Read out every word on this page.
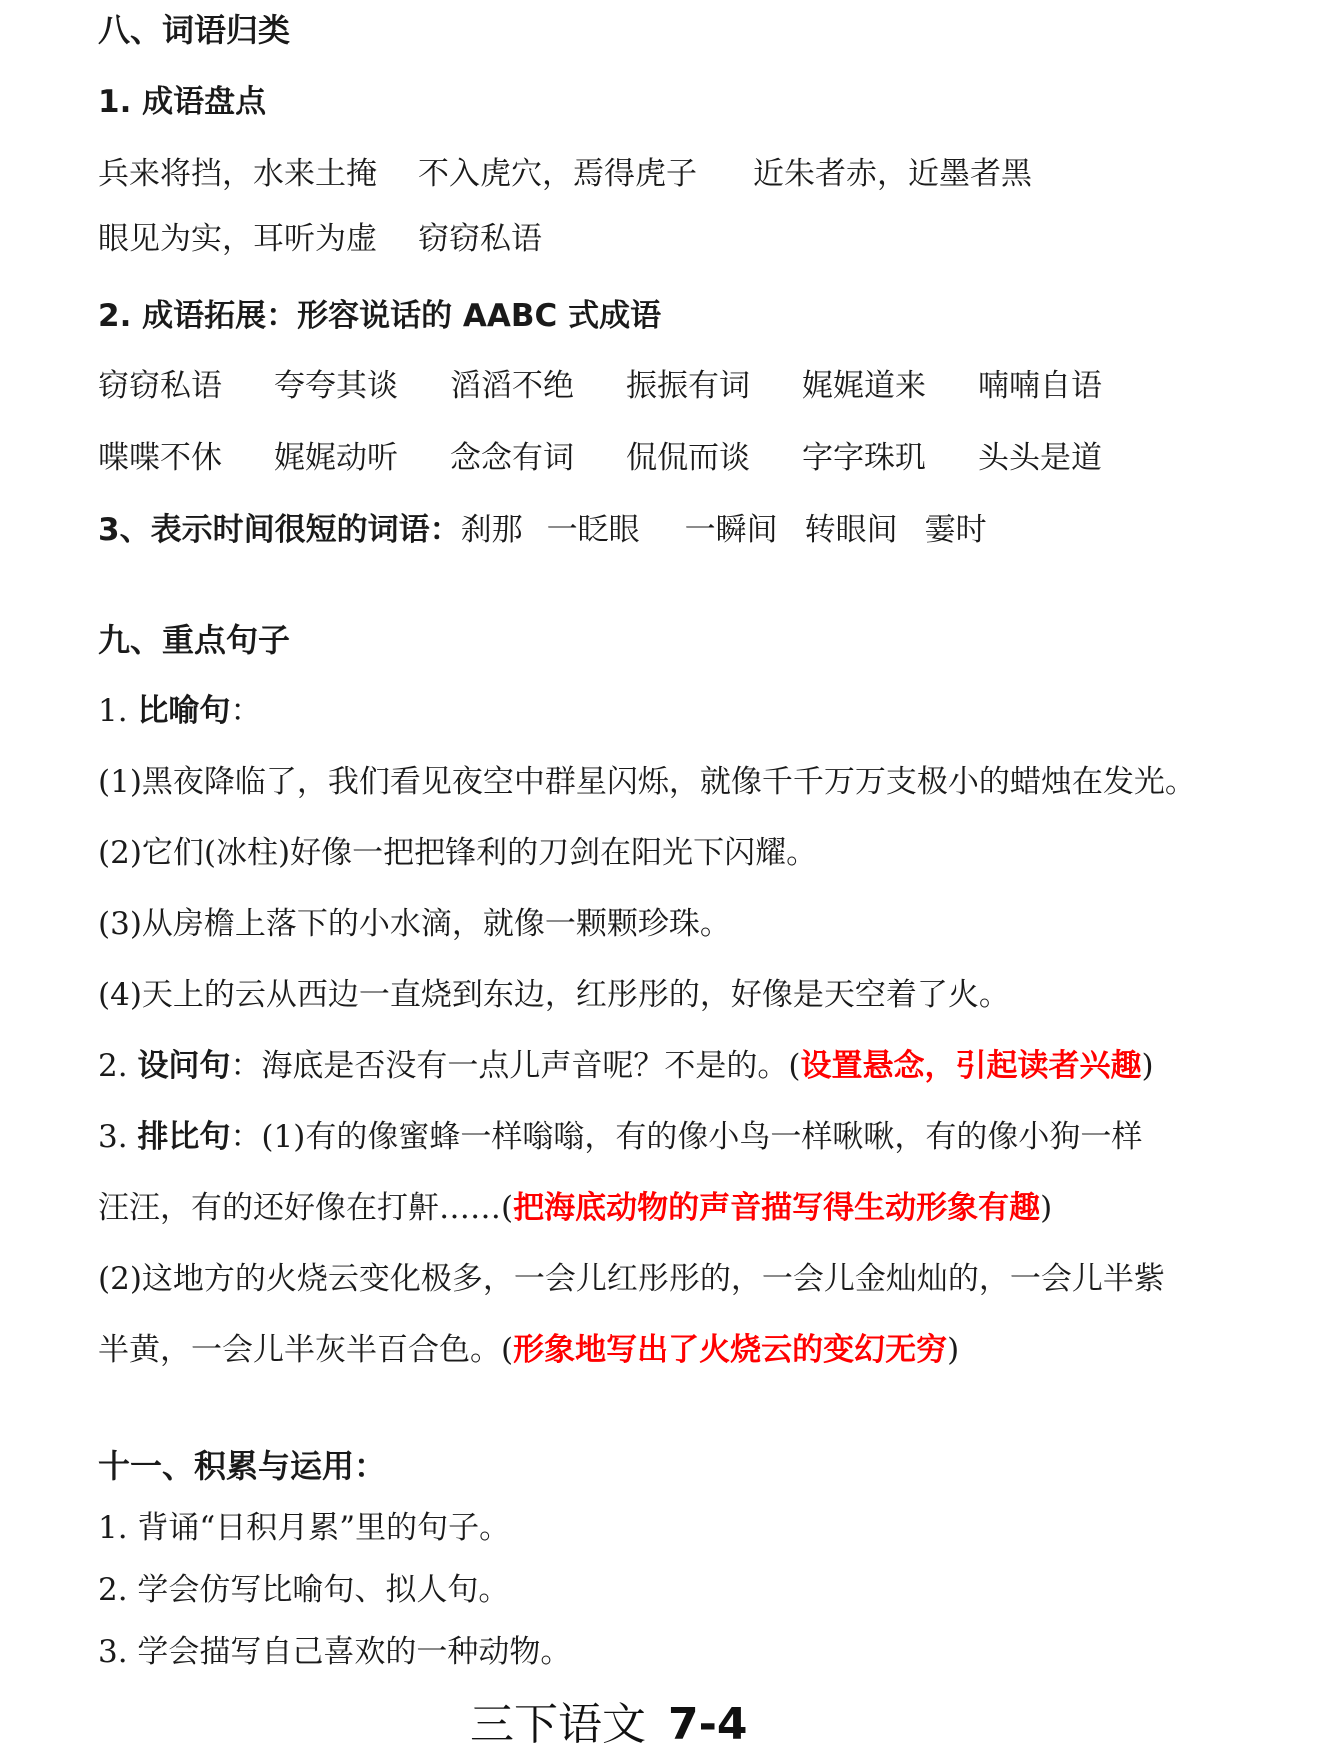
八、词语归类
1. 成语盘点
兵来将挡，水来土掩 不入虎穴，焉得虎子 近朱者赤，近墨者黑
眼见为实，耳听为虚 窃窃私语
2. 成语拓展：形容说话的 AABC 式成语
窃窃私语 夸夸其谈 滔滔不绝 振振有词 娓娓道来 喃喃自语
喋喋不休 娓娓动听 念念有词 侃侃而谈 字字珠玑 头头是道
3、表示时间很短的词语：刹那 一眨眼 一瞬间 转眼间 霎时
九、重点句子
1. 比喻句：
(1)黑夜降临了，我们看见夜空中群星闪烁，就像千千万万支极小的蜡烛在发光。
(2)它们(冰柱)好像一把把锋利的刀剑在阳光下闪耀。
(3)从房檐上落下的小水滴，就像一颗颗珍珠。
(4)天上的云从西边一直烧到东边，红彤彤的，好像是天空着了火。
2. 设问句：海底是否没有一点儿声音呢？不是的。(设置悬念，引起读者兴趣)
3. 排比句：(1)有的像蜜蜂一样嗡嗡，有的像小鸟一样啾啾，有的像小狗一样
汪汪，有的还好像在打鼾……(把海底动物的声音描写得生动形象有趣)
(2)这地方的火烧云变化极多，一会儿红彤彤的，一会儿金灿灿的，一会儿半紫
半黄，一会儿半灰半百合色。(形象地写出了火烧云的变幻无穷)
十一、积累与运用：
1. 背诵“日积月累”里的句子。
2. 学会仿写比喻句、拟人句。
3. 学会描写自己喜欢的一种动物。
三下语文 7-4
